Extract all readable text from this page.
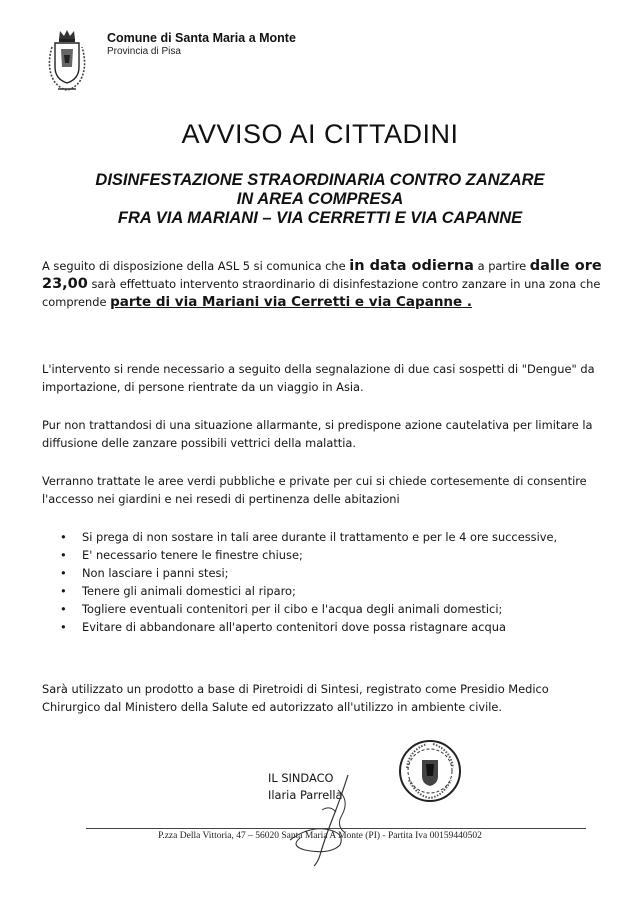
Comune di Santa Maria a Monte
Provincia di Pisa
AVVISO AI CITTADINI
DISINFESTAZIONE STRAORDINARIA CONTRO ZANZARE
IN AREA COMPRESA
FRA VIA MARIANI – VIA CERRETTI E VIA CAPANNE
A seguito di disposizione della ASL 5 si comunica che in data odierna a partire dalle ore 23,00 sarà effettuato intervento straordinario di disinfestazione contro zanzare in una zona che comprende parte di via Mariani via Cerretti e via Capanne .
L'intervento si rende necessario a seguito della segnalazione di due casi sospetti di "Dengue" da importazione, di persone rientrate da un viaggio in Asia.
Pur non trattandosi di una situazione allarmante, si predispone azione cautelativa per limitare la diffusione delle zanzare possibili vettrici della malattia.
Verranno trattate le aree verdi pubbliche e private per cui si chiede cortesemente di consentire l'accesso nei giardini e nei resedi di pertinenza delle abitazioni
• Si prega di non sostare in tali aree durante il trattamento e per le 4 ore successive,
• E' necessario tenere le finestre chiuse;
• Non lasciare i panni stesi;
• Tenere gli animali domestici al riparo;
• Togliere eventuali contenitori per il cibo e l'acqua degli animali domestici;
• Evitare di abbandonare all'aperto contenitori dove possa ristagnare acqua
Sarà utilizzato un prodotto a base di Piretroidi di Sintesi, registrato come Presidio Medico Chirurgico dal Ministero della Salute ed autorizzato all'utilizzo in ambiente civile.
IL SINDACO
Ilaria Parrella
P.zza Della Vittoria, 47 – 56020 Santa Maria A Monte (PI) - Partita Iva 00159440502
